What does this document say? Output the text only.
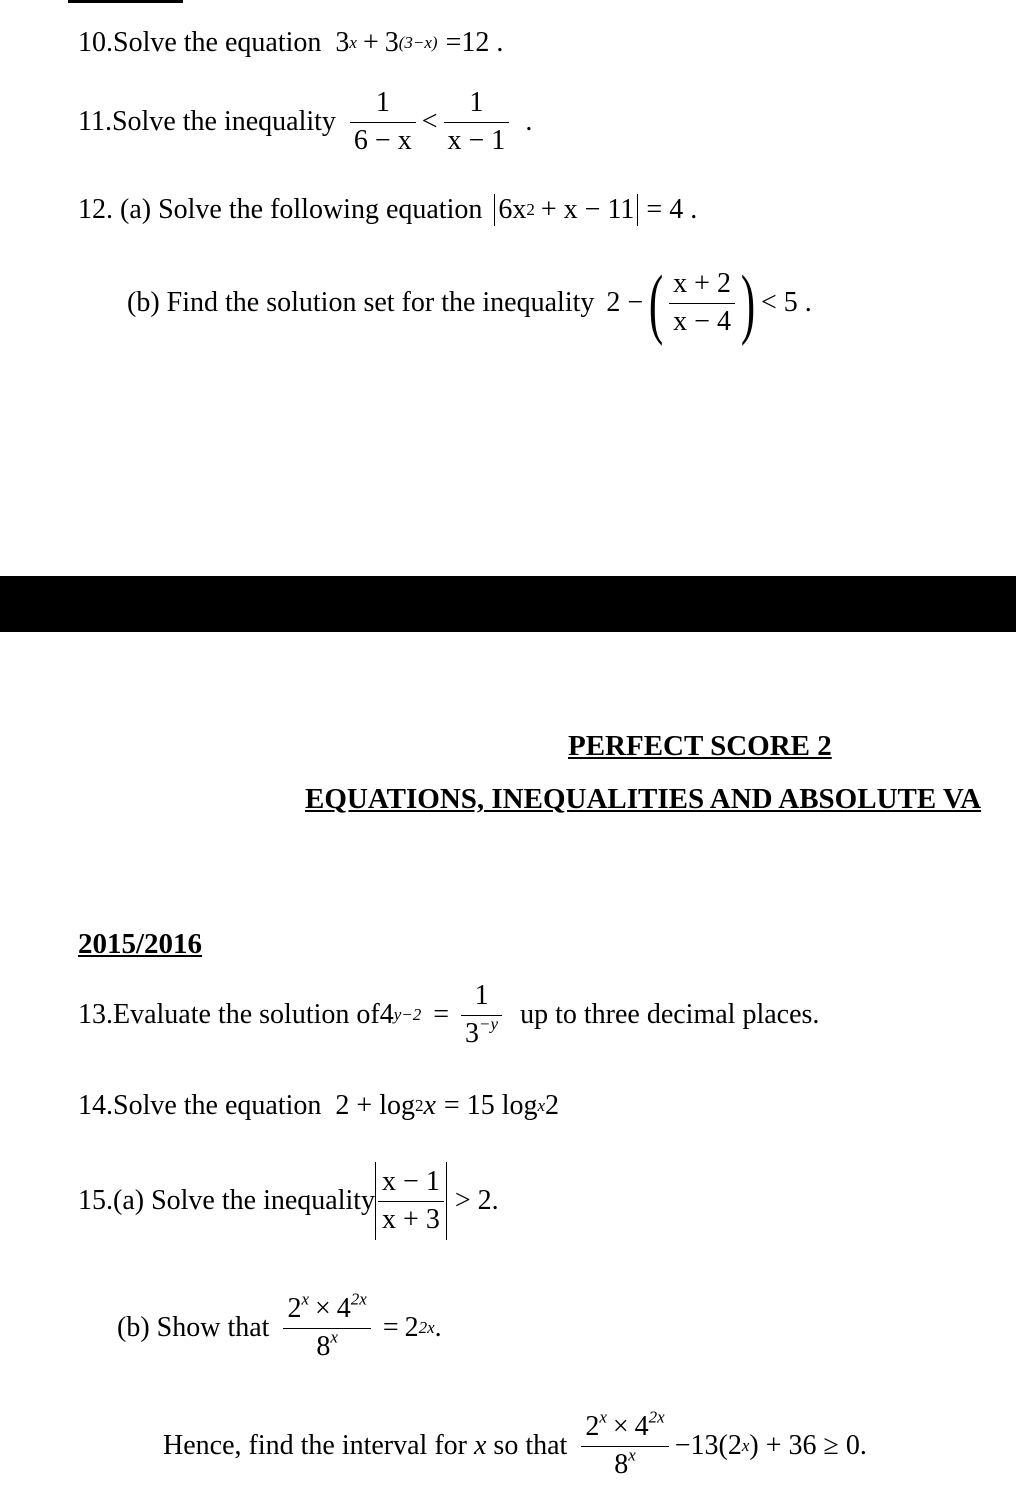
10.Solve the equation 3 x + 3 (3−x) =12 .
11.Solve the inequality $\frac{1}{6 - x} < \frac{1}{x - 1}$ .
12. (a) Solve the following equation 6x 2 + x − 11 = 4 .
(b) Find the solution set for the inequality 2 − ( $\frac{x + 2}{x - 4}$ ) < 5 .
PERFECT SCORE 2
EQUATIONS, INEQUALITIES AND ABSOLUTE VA
2015/2016
13.Evaluate the solution of 4 $y-2 = \frac{1}{3^{-y}}$ up to three decimal places.
14.Solve the equation 2 + log 2 x = 15 log x 2
15.(a) Solve the inequality $\frac{x - 1}{x + 3} > 2$.
(b) Show that $\frac{2^x \times 4^{2x}}{8^x} = 2$ 2x .
Hence, find the interval for
x
so that $\frac{2^x \times 4^{2x}}{8^x} -13(2$ x ) + 36 ≥ 0.
